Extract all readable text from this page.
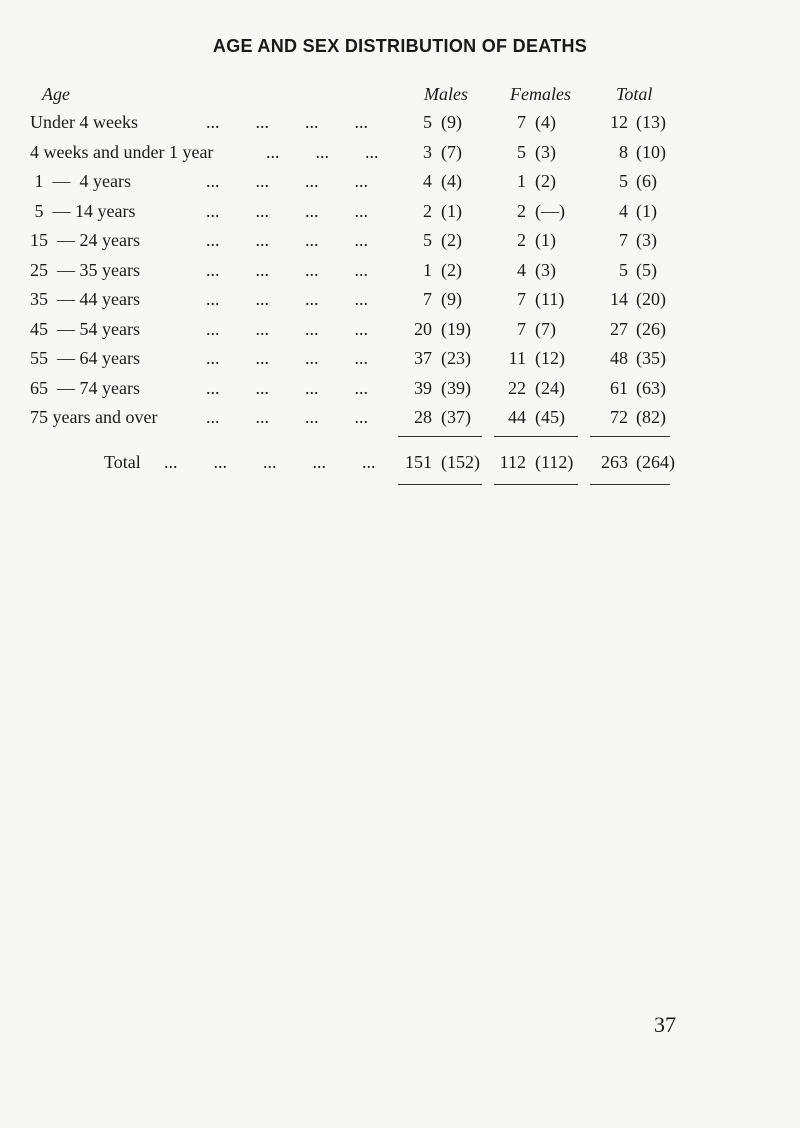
AGE AND SEX DISTRIBUTION OF DEATHS
Age	Males Females	Total
Under 4 weeks	...        ...        ...        ...	5 (9)	7 (4)	12 (13)
4 weeks and under 1 year	...        ...        ...	3 (7)	5 (3)	8 (10)
1  —  4 years	...        ...        ...        ...	4 (4)	1 (2)	5 (6)
5  — 14 years	...        ...        ...        ...	2 (1)	2 (—)	4 (1)
15  — 24 years	...        ...        ...        ...	5 (2)	2 (1)	7 (3)
25  — 35 years	...        ...        ...        ...	1 (2)	4 (3)	5 (5)
35  — 44 years	...        ...        ...        ...	7 (9)	7 (11)	14 (20)
45  — 54 years	...        ...        ...        ...	20 (19)	7 (7)	27 (26)
55  — 64 years	...        ...        ...        ...	37 (23)	11 (12)	48 (35)
65  — 74 years	...        ...        ...        ...	39 (39)	22 (24)	61 (63)
75 years and over	...        ...        ...        ...	28 (37)	44 (45)	72 (82)
Total ...        ...        ...        ...        ...	151 (152)	112 (112)	263 (264)
37
